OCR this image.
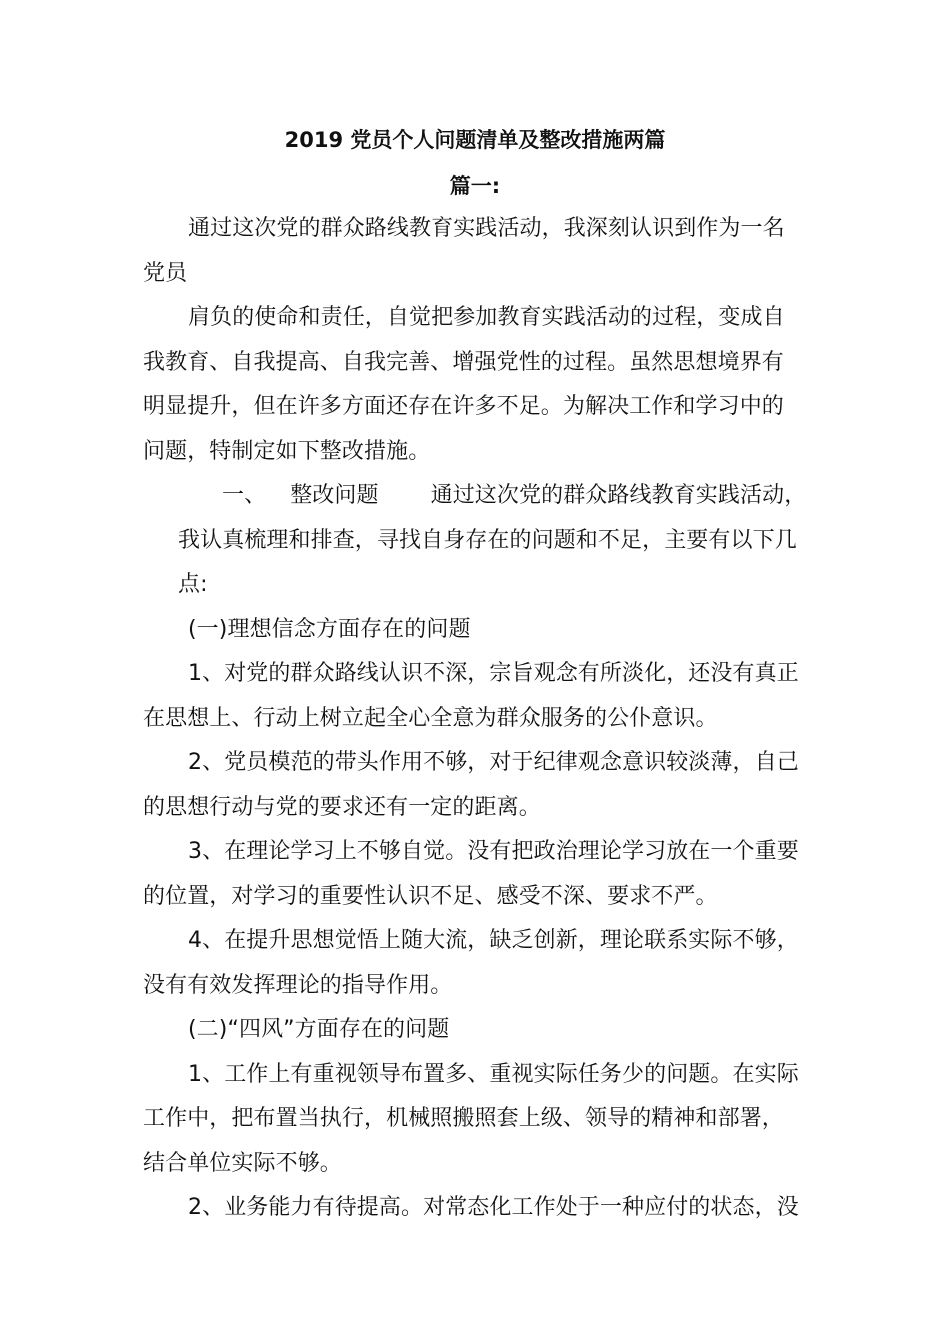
2019 党员个人问题清单及整改措施两篇
篇一:
通过这次党的群众路线教育实践活动，我深刻认识到作为一名
党员
肩负的使命和责任，自觉把参加教育实践活动的过程，变成自
我教育、自我提高、自我完善、增强党性的过程。虽然思想境界有
明显提升，但在许多方面还存在许多不足。为解决工作和学习中的
问题，特制定如下整改措施。
一、 整改问题 通过这次党的群众路线教育实践活动，
我认真梳理和排查，寻找自身存在的问题和不足，主要有以下几
点:
(一)理想信念方面存在的问题
1、对党的群众路线认识不深，宗旨观念有所淡化，还没有真正
在思想上、行动上树立起全心全意为群众服务的公仆意识。
2、党员模范的带头作用不够，对于纪律观念意识较淡薄，自己
的思想行动与党的要求还有一定的距离。
3、在理论学习上不够自觉。没有把政治理论学习放在一个重要
的位置，对学习的重要性认识不足、感受不深、要求不严。
4、在提升思想觉悟上随大流，缺乏创新，理论联系实际不够，
没有有效发挥理论的指导作用。
(二)“四风”方面存在的问题
1、工作上有重视领导布置多、重视实际任务少的问题。在实际
工作中，把布置当执行，机械照搬照套上级、领导的精神和部署，
结合单位实际不够。
2、业务能力有待提高。对常态化工作处于一种应付的状态，没
